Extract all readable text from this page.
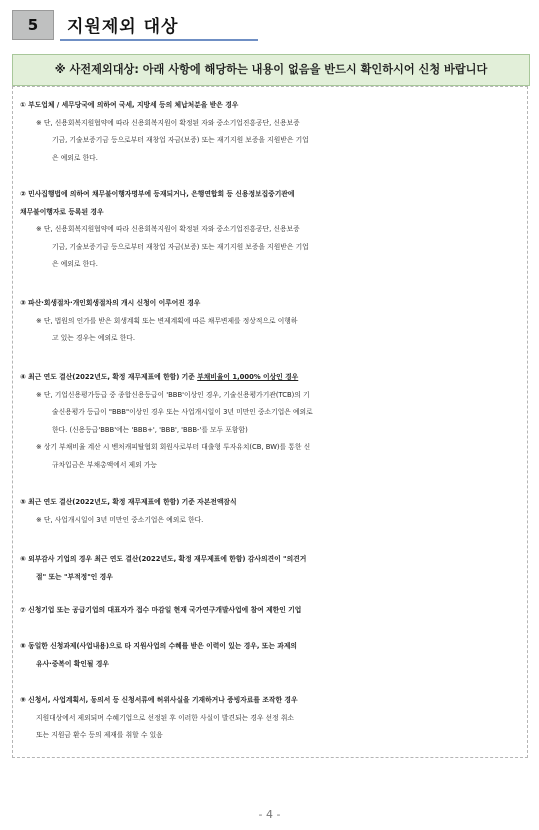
5	지원제외 대상
※ 사전제외대상: 아래 사항에 해당하는 내용이 없음을 반드시 확인하시어 신청 바랍니다
① 부도업체 / 세무당국에 의하여 국세, 지방세 등의 체납처분을 받은 경우
※ 단, 신용회복지원협약에 따라 신용회복지원이 확정된 자와 중소기업진흥공단, 신용보증
기금, 기술보증기금 등으로부터 재창업 자금(보증) 또는 재기지원 보증을 지원받은 기업
은 예외로 한다.
② 민사집행법에 의하여 채무불이행자명부에 등재되거나, 은행연합회 등 신용정보집중기관에
채무불이행자로 등록된 경우
※ 단, 신용회복지원협약에 따라 신용회복지원이 확정된 자와 중소기업진흥공단, 신용보증
기금, 기술보증기금 등으로부터 재창업 자금(보증) 또는 재기지원 보증을 지원받은 기업
은 예외로 한다.
③ 파산·회생절차·개인회생절차의 개시 신청이 이루어진 경우
※ 단, 법원의 인가를 받은 회생계획 또는 변제계획에 따른 채무변제를 정상적으로 이행하
고 있는 경우는 예외로 한다.
④ 최근 연도 결산(2022년도, 확정 재무제표에 한함) 기준 부채비율이 1,000% 이상인 경우
※ 단, 기업신용평가등급 중 종합신용등급이 'BBB'이상인 경우, 기술신용평가기관(TCB)의 기
술신용평가 등급이 "BBB"이상인 경우 또는 사업개시일이 3년 미만인 중소기업은 예외로
한다. (신용등급'BBB'에는 'BBB+', 'BBB', 'BBB-'를 모두 포함함)
※ 상기 부채비율 계산 시 벤처캐피탈협회 회원사로부터 대출형 투자유치(CB, BW)를 통한 신
규차입금은 부채총액에서 제외 가능
⑤ 최근 연도 결산(2022년도, 확정 재무제표에 한함) 기준 자본전액잠식
※ 단, 사업개시일이 3년 미만인 중소기업은 예외로 한다.
⑥ 외부감사 기업의 경우 최근 연도 결산(2022년도, 확정 재무제표에 한함) 감사의견이 "의견거
절" 또는 "부적정"인 경우
⑦ 신청기업 또는 공급기업의 대표자가 접수 마감일 현재 국가연구개발사업에 참여 제한인 기업
⑧ 동일한 신청과제(사업내용)으로 타 지원사업의 수혜를 받은 이력이 있는 경우, 또는 과제의
유사·중복이 확인될 경우
⑨ 신청서, 사업계획서, 동의서 등 신청서류에 허위사실을 기재하거나 증빙자료를 조작한 경우
지원대상에서 제외되며 수혜기업으로 선정된 후 이러한 사실이 발견되는 경우 선정 취소
또는 지원금 환수 등의 제재를 취할 수 있음
- 4 -
